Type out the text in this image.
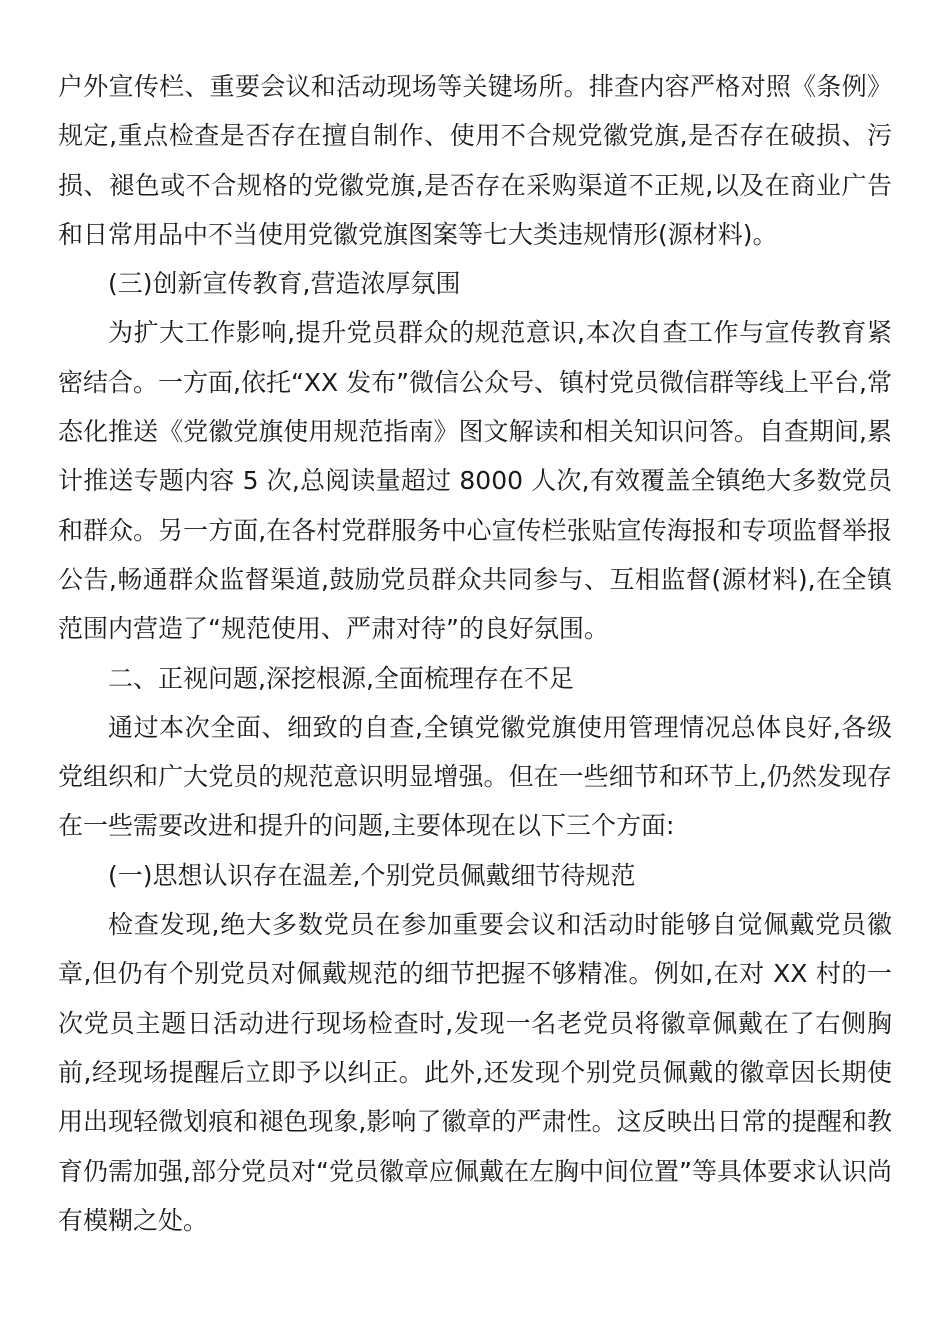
户外宣传栏、重要会议和活动现场等关键场所。排查内容严格对照《条例》规定,重点检查是否存在擅自制作、使用不合规党徽党旗,是否存在破损、污损、褪色或不合规格的党徽党旗,是否存在采购渠道不正规,以及在商业广告和日常用品中不当使用党徽党旗图案等七大类违规情形(源材料)。

(三)创新宣传教育,营造浓厚氛围

为扩大工作影响,提升党员群众的规范意识,本次自查工作与宣传教育紧密结合。一方面,依托“XX 发布”微信公众号、镇村党员微信群等线上平台,常态化推送《党徽党旗使用规范指南》图文解读和相关知识问答。自查期间,累计推送专题内容 5 次,总阅读量超过 8000 人次,有效覆盖全镇绝大多数党员和群众。另一方面,在各村党群服务中心宣传栏张贴宣传海报和专项监督举报公告,畅通群众监督渠道,鼓励党员群众共同参与、互相监督(源材料),在全镇范围内营造了“规范使用、严肃对待”的良好氛围。

二、正视问题,深挖根源,全面梳理存在不足

通过本次全面、细致的自查,全镇党徽党旗使用管理情况总体良好,各级党组织和广大党员的规范意识明显增强。但在一些细节和环节上,仍然发现存在一些需要改进和提升的问题,主要体现在以下三个方面:

(一)思想认识存在温差,个别党员佩戴细节待规范

检查发现,绝大多数党员在参加重要会议和活动时能够自觉佩戴党员徽章,但仍有个别党员对佩戴规范的细节把握不够精准。例如,在对 XX 村的一次党员主题日活动进行现场检查时,发现一名老党员将徽章佩戴在了右侧胸前,经现场提醒后立即予以纠正。此外,还发现个别党员佩戴的徽章因长期使用出现轻微划痕和褪色现象,影响了徽章的严肃性。这反映出日常的提醒和教育仍需加强,部分党员对“党员徽章应佩戴在左胸中间位置”等具体要求认识尚有模糊之处。
